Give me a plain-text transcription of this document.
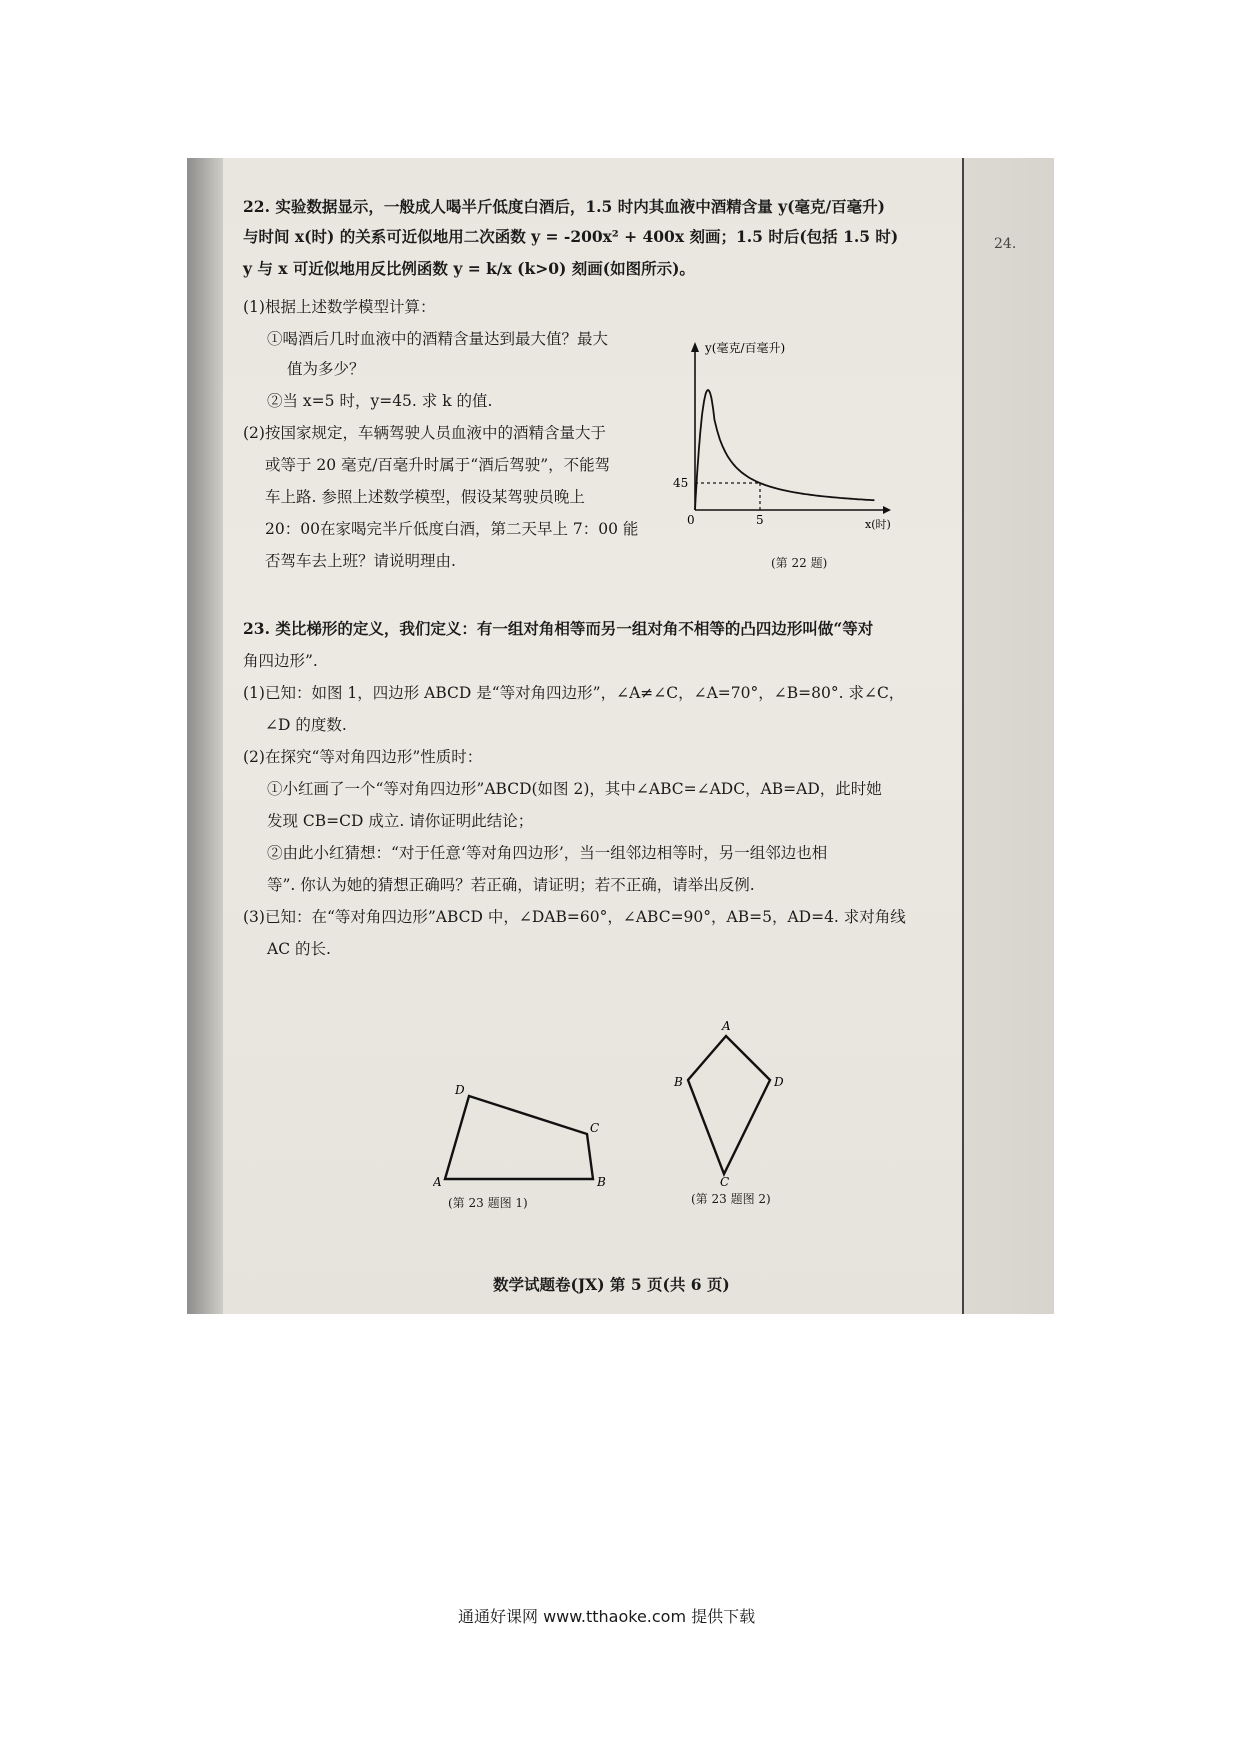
24.
22. 实验数据显示，一般成人喝半斤低度白酒后，1.5 时内其血液中酒精含量 y(毫克/百毫升)
与时间 x(时) 的关系可近似地用二次函数 y = -200x² + 400x 刻画；1.5 时后(包括 1.5 时)
y 与 x 可近似地用反比例函数 y = k/x (k>0) 刻画(如图所示)。
(1)根据上述数学模型计算：
①喝酒后几时血液中的酒精含量达到最大值？最大
值为多少？
②当 x=5 时，y=45. 求 k 的值.
(2)按国家规定，车辆驾驶人员血液中的酒精含量大于
或等于 20 毫克/百毫升时属于“酒后驾驶”，不能驾
车上路. 参照上述数学模型，假设某驾驶员晚上
20：00在家喝完半斤低度白酒，第二天早上 7：00 能
否驾车去上班？请说明理由.
y(毫克/百毫升)
x(时)
0
45
5
(第 22 题)
23. 类比梯形的定义，我们定义：有一组对角相等而另一组对角不相等的凸四边形叫做“等对
角四边形”.
(1)已知：如图 1，四边形 ABCD 是“等对角四边形”，∠A≠∠C，∠A=70°，∠B=80°. 求∠C，
∠D 的度数.
(2)在探究“等对角四边形”性质时：
①小红画了一个“等对角四边形”ABCD(如图 2)，其中∠ABC=∠ADC，AB=AD，此时她
发现 CB=CD 成立. 请你证明此结论；
②由此小红猜想：“对于任意‘等对角四边形’，当一组邻边相等时，另一组邻边也相
等”. 你认为她的猜想正确吗？若正确，请证明；若不正确，请举出反例.
(3)已知：在“等对角四边形”ABCD 中，∠DAB=60°，∠ABC=90°，AB=5，AD=4. 求对角线
AC 的长.
A	B
C
D
(第 23 题图 1)
A
B
C
D
(第 23 题图 2)
数学试题卷(JX) 第 5 页(共 6 页)
通通好课网 www.tthaoke.com 提供下载
